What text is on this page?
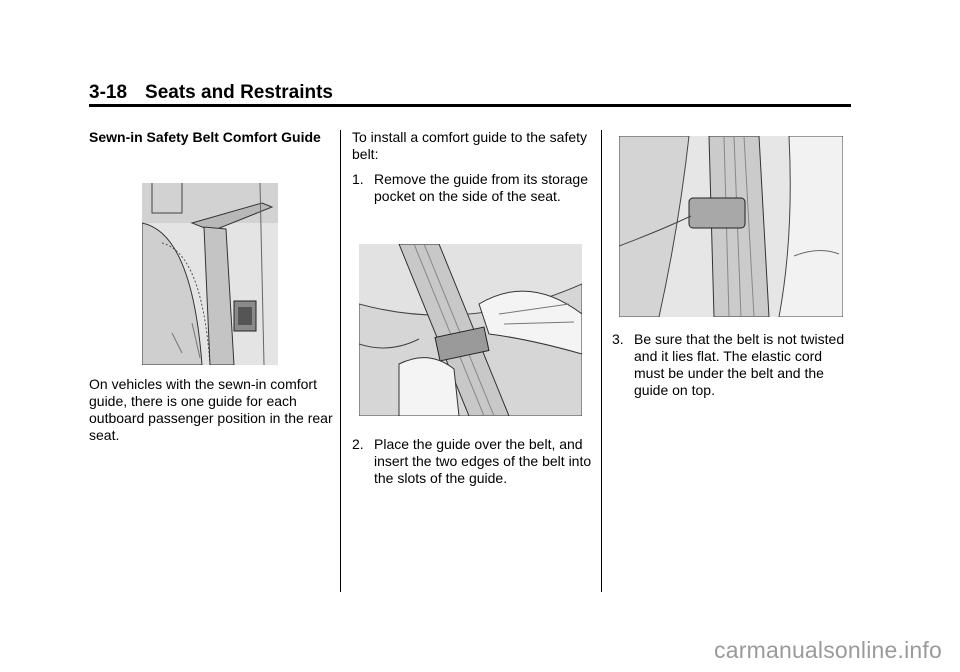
3-18 Seats and Restraints
Sewn-in Safety Belt Comfort Guide

On vehicles with the sewn-in comfort guide, there is one guide for each outboard passenger position in the rear seat.

To install a comfort guide to the safety belt:

1. Remove the guide from its storage pocket on the side of the seat.

2. Place the guide over the belt, and insert the two edges of the belt into the slots of the guide.

3. Be sure that the belt is not twisted and it lies flat. The elastic cord must be under the belt and the guide on top.

carmanualsonline.info
